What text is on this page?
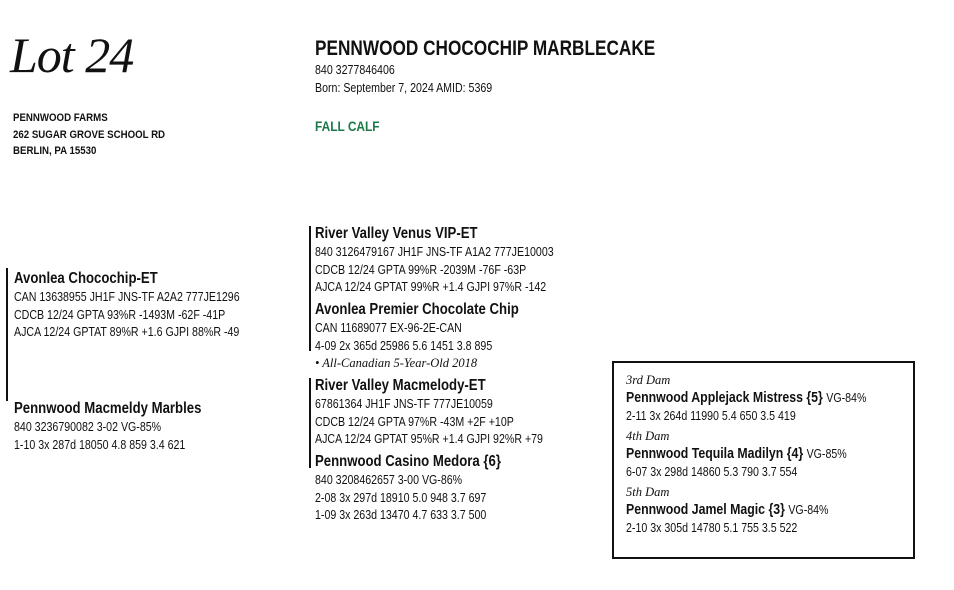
Lot 24
PENNWOOD FARMS
262 SUGAR GROVE SCHOOL RD
BERLIN, PA 15530
PENNWOOD CHOCOCHIP MARBLECAKE
840 3277846406
Born: September 7, 2024 AMID: 5369
FALL CALF
Avonlea Chocochip-ET
CAN 13638955 JH1F JNS-TF A2A2 777JE1296
CDCB 12/24 GPTA 93%R -1493M -62F -41P
AJCA 12/24 GPTAT 89%R +1.6 GJPI 88%R -49
Pennwood Macmeldy Marbles
840 3236790082 3-02 VG-85%
1-10 3x 287d 18050 4.8 859 3.4 621
River Valley Venus VIP-ET
840 3126479167 JH1F JNS-TF A1A2 777JE10003
CDCB 12/24 GPTA 99%R -2039M -76F -63P
AJCA 12/24 GPTAT 99%R +1.4 GJPI 97%R -142
Avonlea Premier Chocolate Chip
CAN 11689077 EX-96-2E-CAN
4-09 2x 365d 25986 5.6 1451 3.8 895
• All-Canadian 5-Year-Old 2018
River Valley Macmelody-ET
67861364 JH1F JNS-TF 777JE10059
CDCB 12/24 GPTA 97%R -43M +2F +10P
AJCA 12/24 GPTAT 95%R +1.4 GJPI 92%R +79
Pennwood Casino Medora {6}
840 3208462657 3-00 VG-86%
2-08 3x 297d 18910 5.0 948 3.7 697
1-09 3x 263d 13470 4.7 633 3.7 500
3rd Dam
Pennwood Applejack Mistress {5} VG-84%
2-11 3x 264d 11990 5.4 650 3.5 419
4th Dam
Pennwood Tequila Madilyn {4} VG-85%
6-07 3x 298d 14860 5.3 790 3.7 554
5th Dam
Pennwood Jamel Magic {3} VG-84%
2-10 3x 305d 14780 5.1 755 3.5 522
